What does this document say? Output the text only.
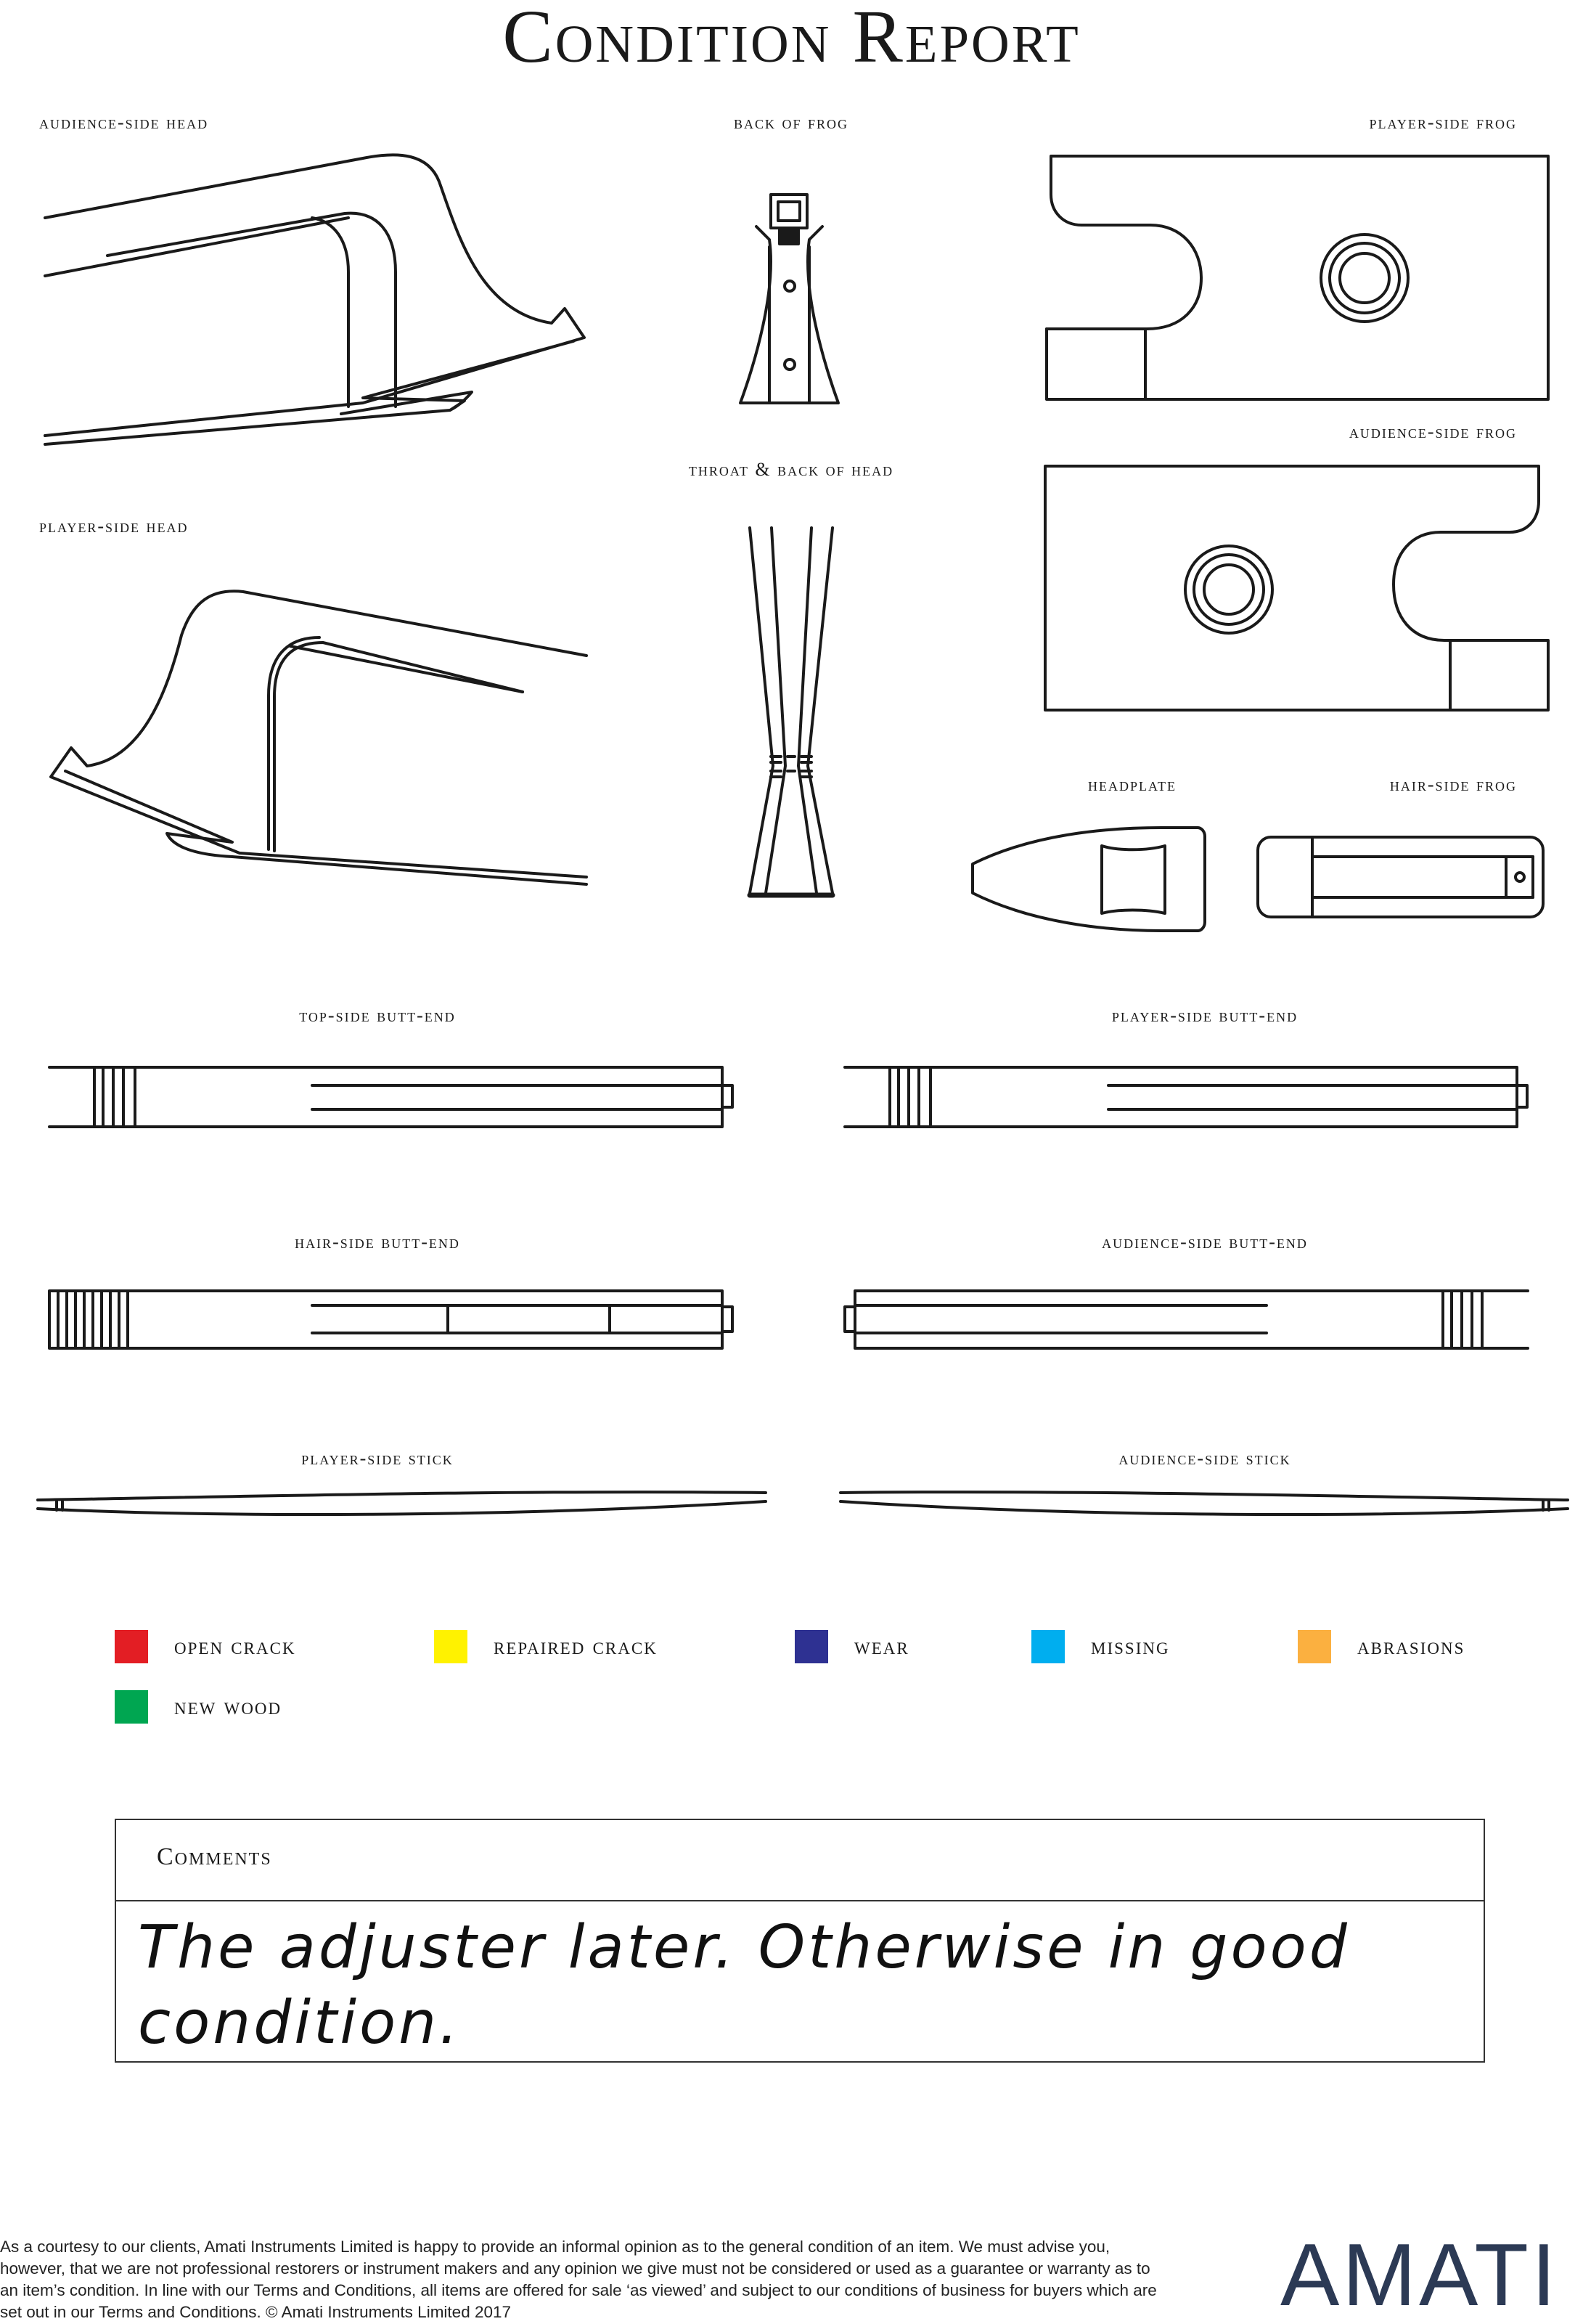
Condition Report
audience-side head	back of frog	player-side frog
audience-side frog
throat & back of head
player-side head
headplate	hair-side frog
top-side butt-end	player-side butt-end
hair-side butt-end	audience-side butt-end
player-side stick	audience-side stick
open crack	repaired crack	wear	missing	abrasions
new wood
Comments
The adjuster later. Otherwise in good condition.
As a courtesy to our clients, Amati Instruments Limited is happy to provide an informal opinion as to the general condition of an item. We must advise you, however, that we are not professional restorers or instrument makers and any opinion we give must not be considered or used as a guarantee or warranty as to an item’s condition. In line with our Terms and Conditions, all items are offered for sale ‘as viewed’ and subject to our conditions of business for buyers which are set out in our Terms and Conditions. © Amati Instruments Limited 2017	AMATI
